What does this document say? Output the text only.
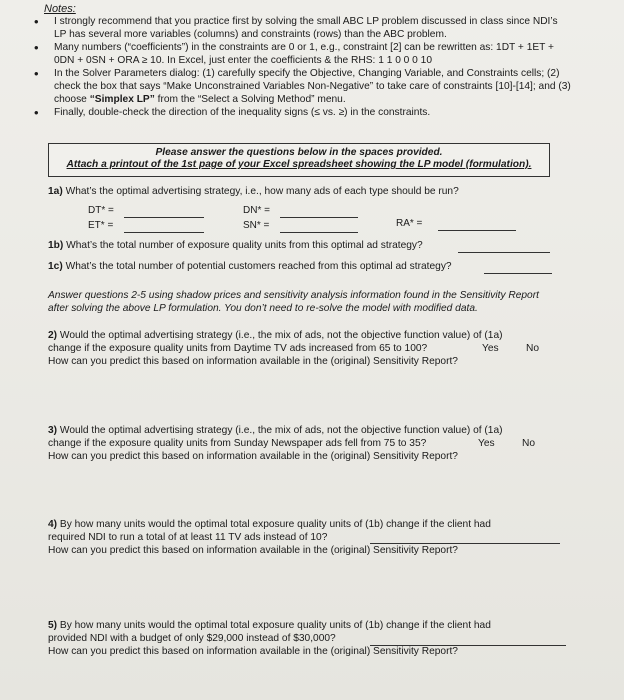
Notes:
• I strongly recommend that you practice first by solving the small ABC LP problem discussed in class since NDI’s LP has several more variables (columns) and constraints (rows) than the ABC problem.
• Many numbers (“coefficients”) in the constraints are 0 or 1, e.g., constraint [2] can be rewritten as: 1DT + 1ET + 0DN + 0SN + ORA ≥ 10. In Excel, just enter the coefficients & the RHS: 1 1 0 0 0 10
• In the Solver Parameters dialog: (1) carefully specify the Objective, Changing Variable, and Constraints cells; (2) check the box that says “Make Unconstrained Variables Non-Negative” to take care of constraints [10]-[14]; and (3) choose “Simplex LP” from the “Select a Solving Method” menu.
• Finally, double-check the direction of the inequality signs (≤ vs. ≥) in the constraints.
Please answer the questions below in the spaces provided.
Attach a printout of the 1st page of your Excel spreadsheet showing the LP model (formulation).
1a) What’s the optimal advertising strategy, i.e., how many ads of each type should be run?
DT* =	DN* =
ET* =	SN* =	RA* =
1b) What’s the total number of exposure quality units from this optimal ad strategy?
1c) What’s the total number of potential customers reached from this optimal ad strategy?
Answer questions 2-5 using shadow prices and sensitivity analysis information found in the Sensitivity Report after solving the above LP formulation. You don’t need to re-solve the model with modified data.
2) Would the optimal advertising strategy (i.e., the mix of ads, not the objective function value) of (1a)
change if the exposure quality units from Daytime TV ads increased from 65 to 100?
How can you predict this based on information available in the (original) Sensitivity Report?
Yes	No
3) Would the optimal advertising strategy (i.e., the mix of ads, not the objective function value) of (1a)
change if the exposure quality units from Sunday Newspaper ads fell from 75 to 35?
How can you predict this based on information available in the (original) Sensitivity Report?
Yes	No
4) By how many units would the optimal total exposure quality units of (1b) change if the client had
required NDI to run a total of at least 11 TV ads instead of 10?
How can you predict this based on information available in the (original) Sensitivity Report?
5) By how many units would the optimal total exposure quality units of (1b) change if the client had
provided NDI with a budget of only $29,000 instead of $30,000?
How can you predict this based on information available in the (original) Sensitivity Report?
